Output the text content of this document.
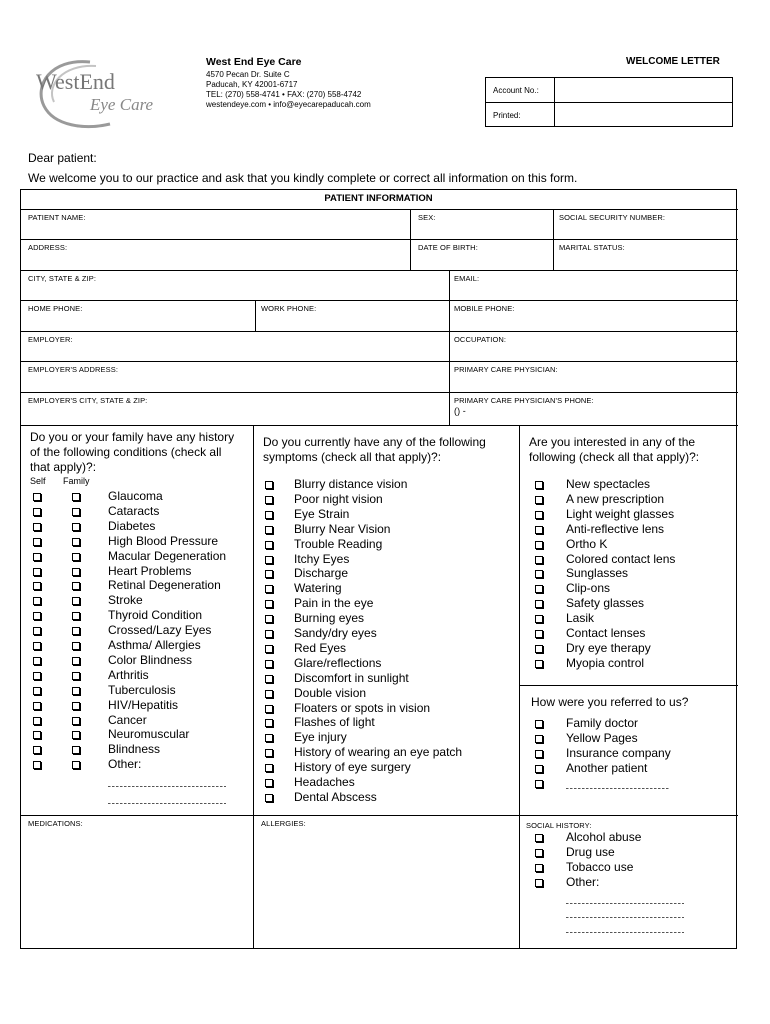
WestEnd
Eye Care
West End Eye Care
4570 Pecan Dr. Suite C
Paducah, KY 42001-6717
TEL: (270) 558-4741 • FAX: (270) 558-4742
westendeye.com • info@eyecarepaducah.com
WELCOME LETTER
Account No.:
Printed:
Dear patient:
We welcome you to our practice and ask that you kindly complete or correct all information on this form.
PATIENT NAME:	SEX:	SOCIAL SECURITY NUMBER:
ADDRESS:	DATE OF BIRTH:	MARITAL STATUS:
CITY, STATE & ZIP:	EMAIL:
HOME PHONE:	WORK PHONE:	MOBILE PHONE:
EMPLOYER:	OCCUPATION:
EMPLOYER'S ADDRESS:	PRIMARY CARE PHYSICIAN:
EMPLOYER'S CITY, STATE & ZIP:	PRIMARY CARE PHYSICIAN'S PHONE:
() -
MEDICATIONS:	ALLERGIES:	SOCIAL HISTORY:
PATIENT INFORMATION
Do you or your family have any history of the following conditions (check all that apply)?:
Do you currently have any of the following symptoms (check all that apply)?:
Are you interested in any of the following (check all that apply)?:
How were you referred to us?
Self Family
Glaucoma
Cataracts
Diabetes
High Blood Pressure
Macular Degeneration
Heart Problems
Retinal Degeneration
Stroke
Thyroid Condition
Crossed/Lazy Eyes
Asthma/ Allergies
Color Blindness
Arthritis
Tuberculosis
HIV/Hepatitis
Cancer
Neuromuscular
Blindness
Other:
Blurry distance vision
Poor night vision
Eye Strain
Blurry Near Vision
Trouble Reading
Itchy Eyes
Discharge
Watering
Pain in the eye
Burning eyes
Sandy/dry eyes
Red Eyes
Glare/reflections
Discomfort in sunlight
Double vision
Floaters or spots in vision
Flashes of light
Eye injury
History of wearing an eye patch
History of eye surgery
Headaches
Dental Abscess
New spectacles
A new prescription
Light weight glasses
Anti-reflective lens
Ortho K
Colored contact lens
Sunglasses
Clip-ons
Safety glasses
Lasik
Contact lenses
Dry eye therapy
Myopia control
Family doctor
Yellow Pages
Insurance company
Another patient
Alcohol abuse
Drug use
Tobacco use
Other:
